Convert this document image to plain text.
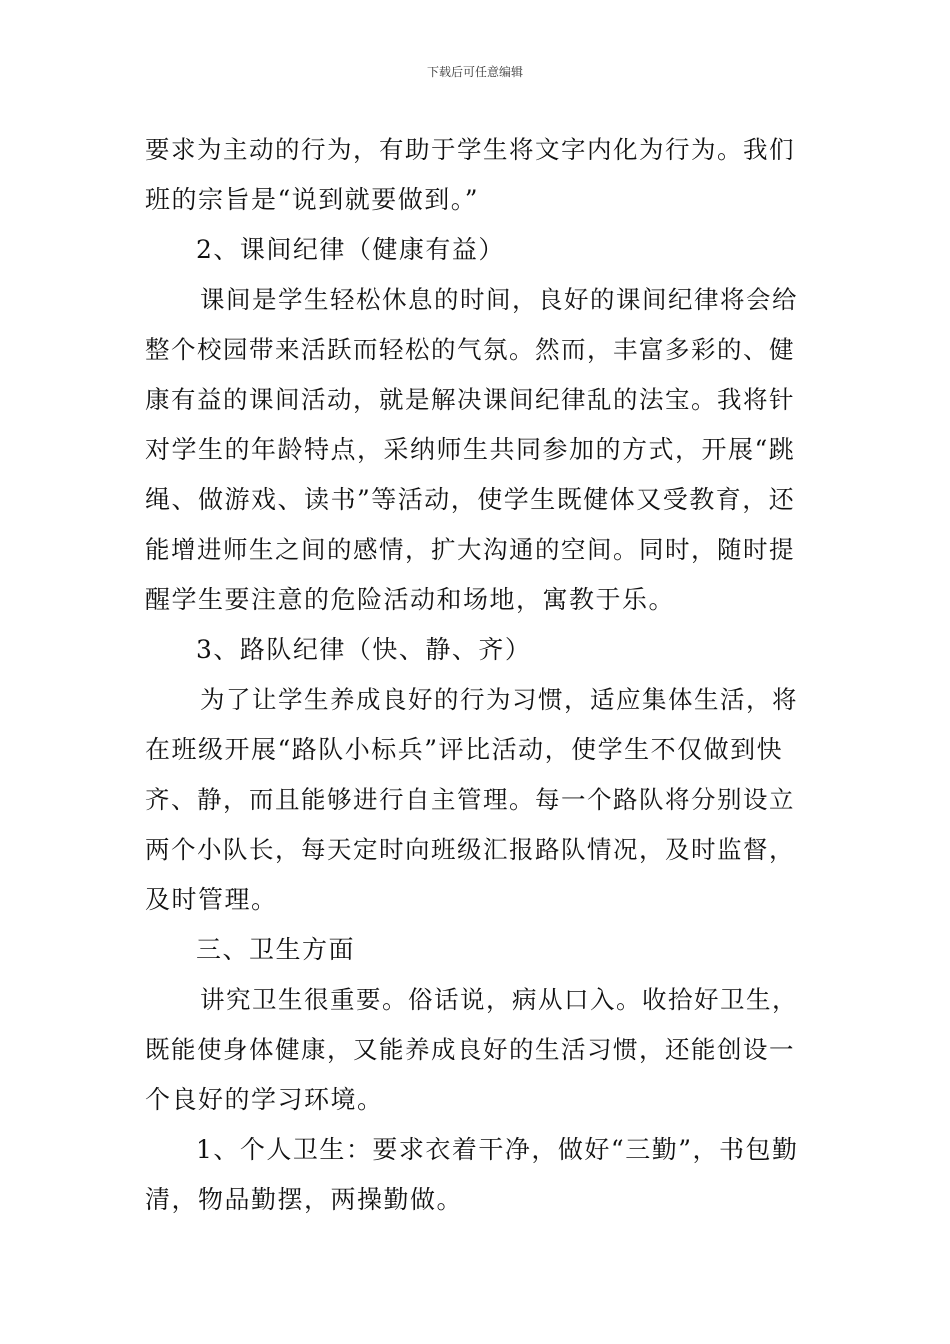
下载后可任意编辑
要求为主动的行为，有助于学生将文字内化为行为。我们
班的宗旨是“说到就要做到。”
2、课间纪律（健康有益）
课间是学生轻松休息的时间，良好的课间纪律将会给
整个校园带来活跃而轻松的气氛。然而，丰富多彩的、健
康有益的课间活动，就是解决课间纪律乱的法宝。我将针
对学生的年龄特点，采纳师生共同参加的方式，开展“跳
绳、做游戏、读书”等活动，使学生既健体又受教育，还
能增进师生之间的感情，扩大沟通的空间。同时，随时提
醒学生要注意的危险活动和场地，寓教于乐。
3、路队纪律（快、静、齐）
为了让学生养成良好的行为习惯，适应集体生活，将
在班级开展“路队小标兵”评比活动，使学生不仅做到快
齐、静，而且能够进行自主管理。每一个路队将分别设立
两个小队长，每天定时向班级汇报路队情况，及时监督，
及时管理。
三、卫生方面
讲究卫生很重要。俗话说，病从口入。收拾好卫生，
既能使身体健康，又能养成良好的生活习惯，还能创设一
个良好的学习环境。
1、个人卫生：要求衣着干净，做好“三勤”，书包勤
清，物品勤摆，两操勤做。
